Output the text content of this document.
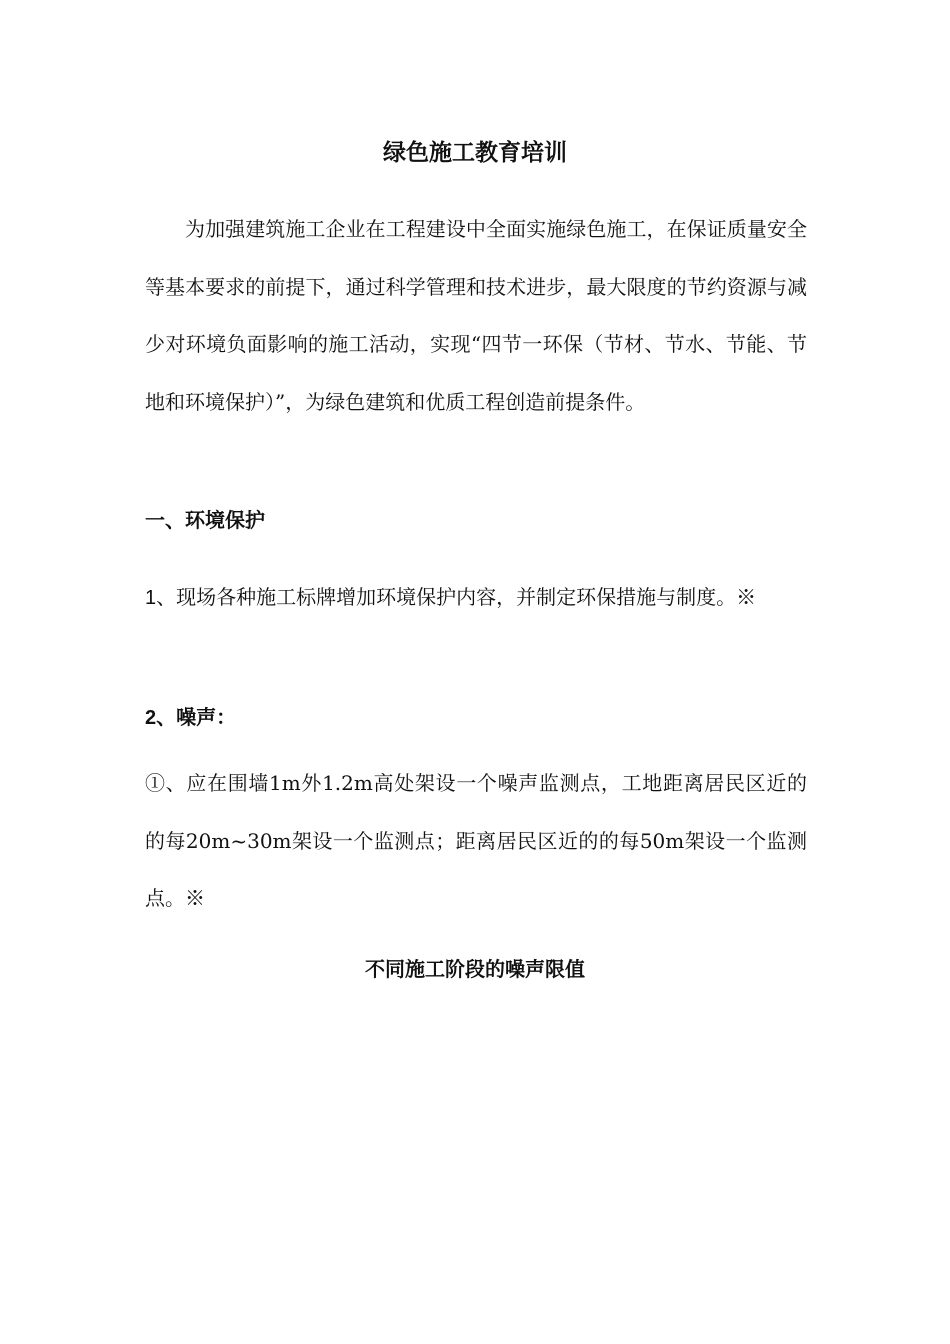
绿色施工教育培训
为加强建筑施工企业在工程建设中全面实施绿色施工，在保证质量安全等基本要求的前提下，通过科学管理和技术进步，最大限度的节约资源与减少对环境负面影响的施工活动，实现“四节一环保（节材、节水、节能、节地和环境保护）”，为绿色建筑和优质工程创造前提条件。
一、环境保护
1、现场各种施工标牌增加环境保护内容，并制定环保措施与制度。※
2、噪声：
①、应在围墙1m外1.2m高处架设一个噪声监测点，工地距离居民区近的的每20m~30m架设一个监测点；距离居民区近的的每50m架设一个监测点。※
不同施工阶段的噪声限值
